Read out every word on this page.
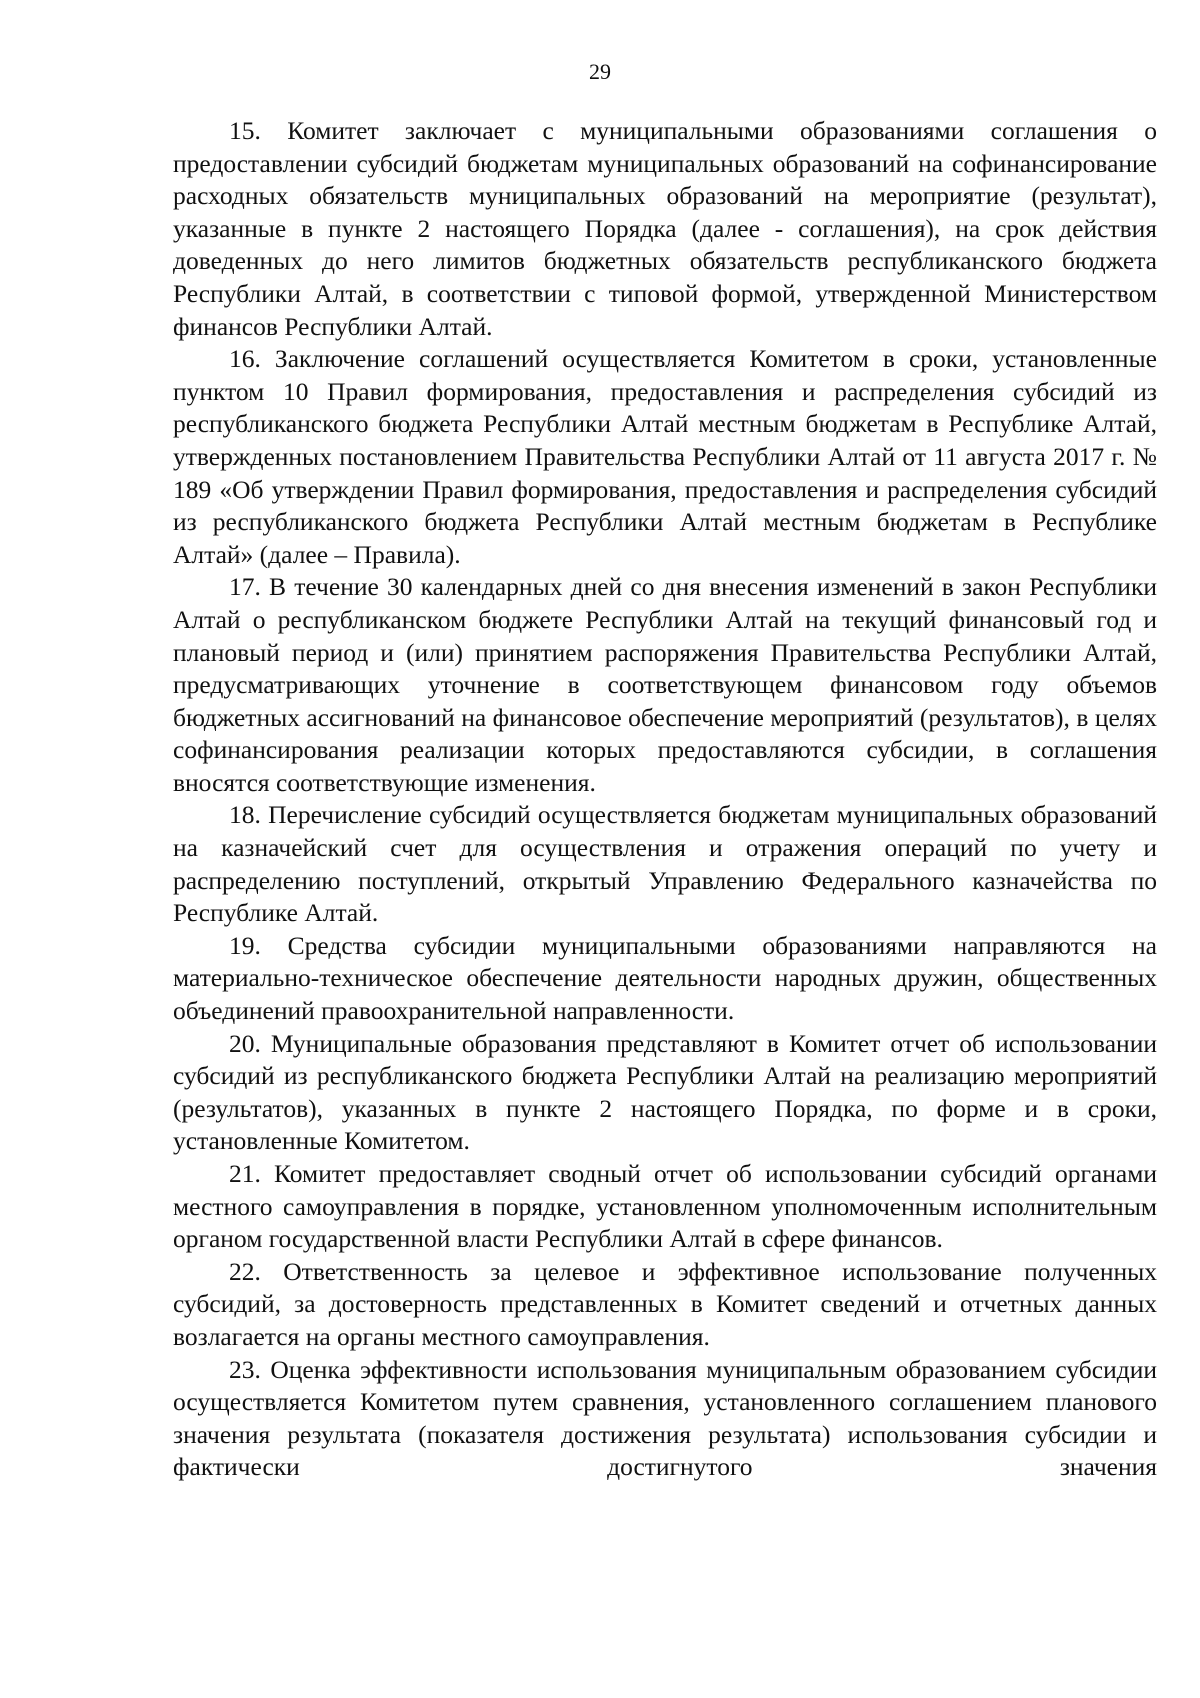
29

15. Комитет заключает с муниципальными образованиями соглашения о предоставлении субсидий бюджетам муниципальных образований на софинансирование расходных обязательств муниципальных образований на мероприятие (результат), указанные в пункте 2 настоящего Порядка (далее - соглашения), на срок действия доведенных до него лимитов бюджетных обязательств республиканского бюджета Республики Алтай, в соответствии с типовой формой, утвержденной Министерством финансов Республики Алтай.

16. Заключение соглашений осуществляется Комитетом в сроки, установленные пунктом 10 Правил формирования, предоставления и распределения субсидий из республиканского бюджета Республики Алтай местным бюджетам в Республике Алтай, утвержденных постановлением Правительства Республики Алтай от 11 августа 2017 г. № 189 «Об утверждении Правил формирования, предоставления и распределения субсидий из республиканского бюджета Республики Алтай местным бюджетам в Республике Алтай» (далее – Правила).

17. В течение 30 календарных дней со дня внесения изменений в закон Республики Алтай о республиканском бюджете Республики Алтай на текущий финансовый год и плановый период и (или) принятием распоряжения Правительства Республики Алтай, предусматривающих уточнение в соответствующем финансовом году объемов бюджетных ассигнований на финансовое обеспечение мероприятий (результатов), в целях софинансирования реализации которых предоставляются субсидии, в соглашения вносятся соответствующие изменения.

18. Перечисление субсидий осуществляется бюджетам муниципальных образований на казначейский счет для осуществления и отражения операций по учету и распределению поступлений, открытый Управлению Федерального казначейства по Республике Алтай.

19. Средства субсидии муниципальными образованиями направляются на материально-техническое обеспечение деятельности народных дружин, общественных объединений правоохранительной направленности.

20. Муниципальные образования представляют в Комитет отчет об использовании субсидий из республиканского бюджета Республики Алтай на реализацию мероприятий (результатов), указанных в пункте 2 настоящего Порядка, по форме и в сроки, установленные Комитетом.

21. Комитет предоставляет сводный отчет об использовании субсидий органами местного самоуправления в порядке, установленном уполномоченным исполнительным органом государственной власти Республики Алтай в сфере финансов.

22. Ответственность за целевое и эффективное использование полученных субсидий, за достоверность представленных в Комитет сведений и отчетных данных возлагается на органы местного самоуправления.

23. Оценка эффективности использования муниципальным образованием субсидии осуществляется Комитетом путем сравнения, установленного соглашением планового значения результата (показателя достижения результата) использования субсидии и фактически достигнутого значения
